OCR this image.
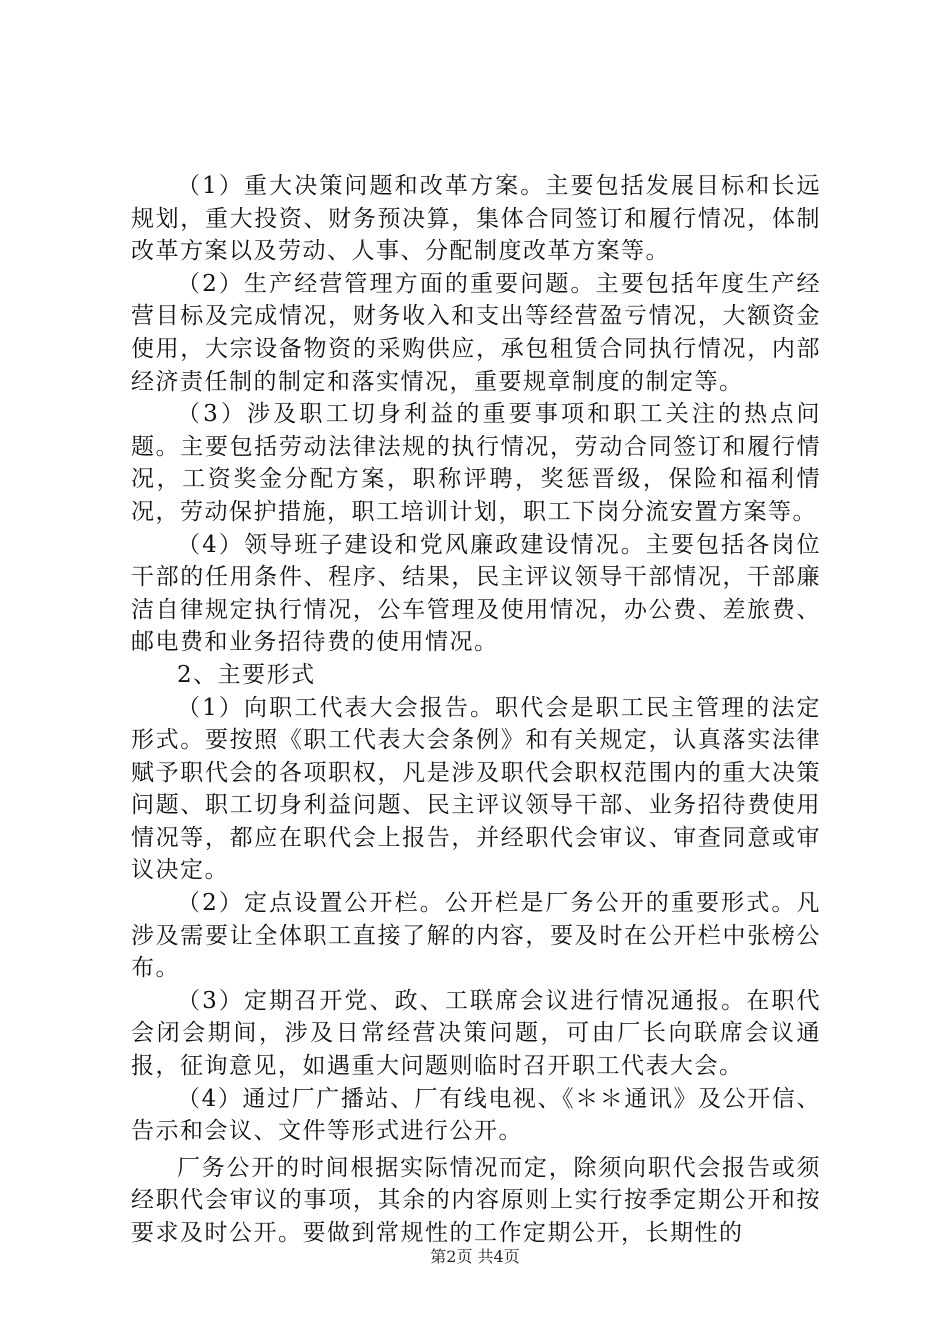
（1）重大决策问题和改革方案。主要包括发展目标和长远规划，重大投资、财务预决算，集体合同签订和履行情况，体制改革方案以及劳动、人事、分配制度改革方案等。

（2）生产经营管理方面的重要问题。主要包括年度生产经营目标及完成情况，财务收入和支出等经营盈亏情况，大额资金使用，大宗设备物资的采购供应，承包租赁合同执行情况，内部经济责任制的制定和落实情况，重要规章制度的制定等。

（3）涉及职工切身利益的重要事项和职工关注的热点问题。主要包括劳动法律法规的执行情况，劳动合同签订和履行情况，工资奖金分配方案，职称评聘，奖惩晋级，保险和福利情况，劳动保护措施，职工培训计划，职工下岗分流安置方案等。

（4）领导班子建设和党风廉政建设情况。主要包括各岗位干部的任用条件、程序、结果，民主评议领导干部情况，干部廉洁自律规定执行情况，公车管理及使用情况，办公费、差旅费、邮电费和业务招待费的使用情况。

2、主要形式

（1）向职工代表大会报告。职代会是职工民主管理的法定形式。要按照《职工代表大会条例》和有关规定，认真落实法律赋予职代会的各项职权，凡是涉及职代会职权范围内的重大决策问题、职工切身利益问题、民主评议领导干部、业务招待费使用情况等，都应在职代会上报告，并经职代会审议、审查同意或审议决定。

（2）定点设置公开栏。公开栏是厂务公开的重要形式。凡涉及需要让全体职工直接了解的内容，要及时在公开栏中张榜公布。

（3）定期召开党、政、工联席会议进行情况通报。在职代会闭会期间，涉及日常经营决策问题，可由厂长向联席会议通报，征询意见，如遇重大问题则临时召开职工代表大会。

（4）通过厂广播站、厂有线电视、《＊＊通讯》及公开信、告示和会议、文件等形式进行公开。

厂务公开的时间根据实际情况而定，除须向职代会报告或须经职代会审议的事项，其余的内容原则上实行按季定期公开和按要求及时公开。要做到常规性的工作定期公开，长期性的

第2页 共4页
